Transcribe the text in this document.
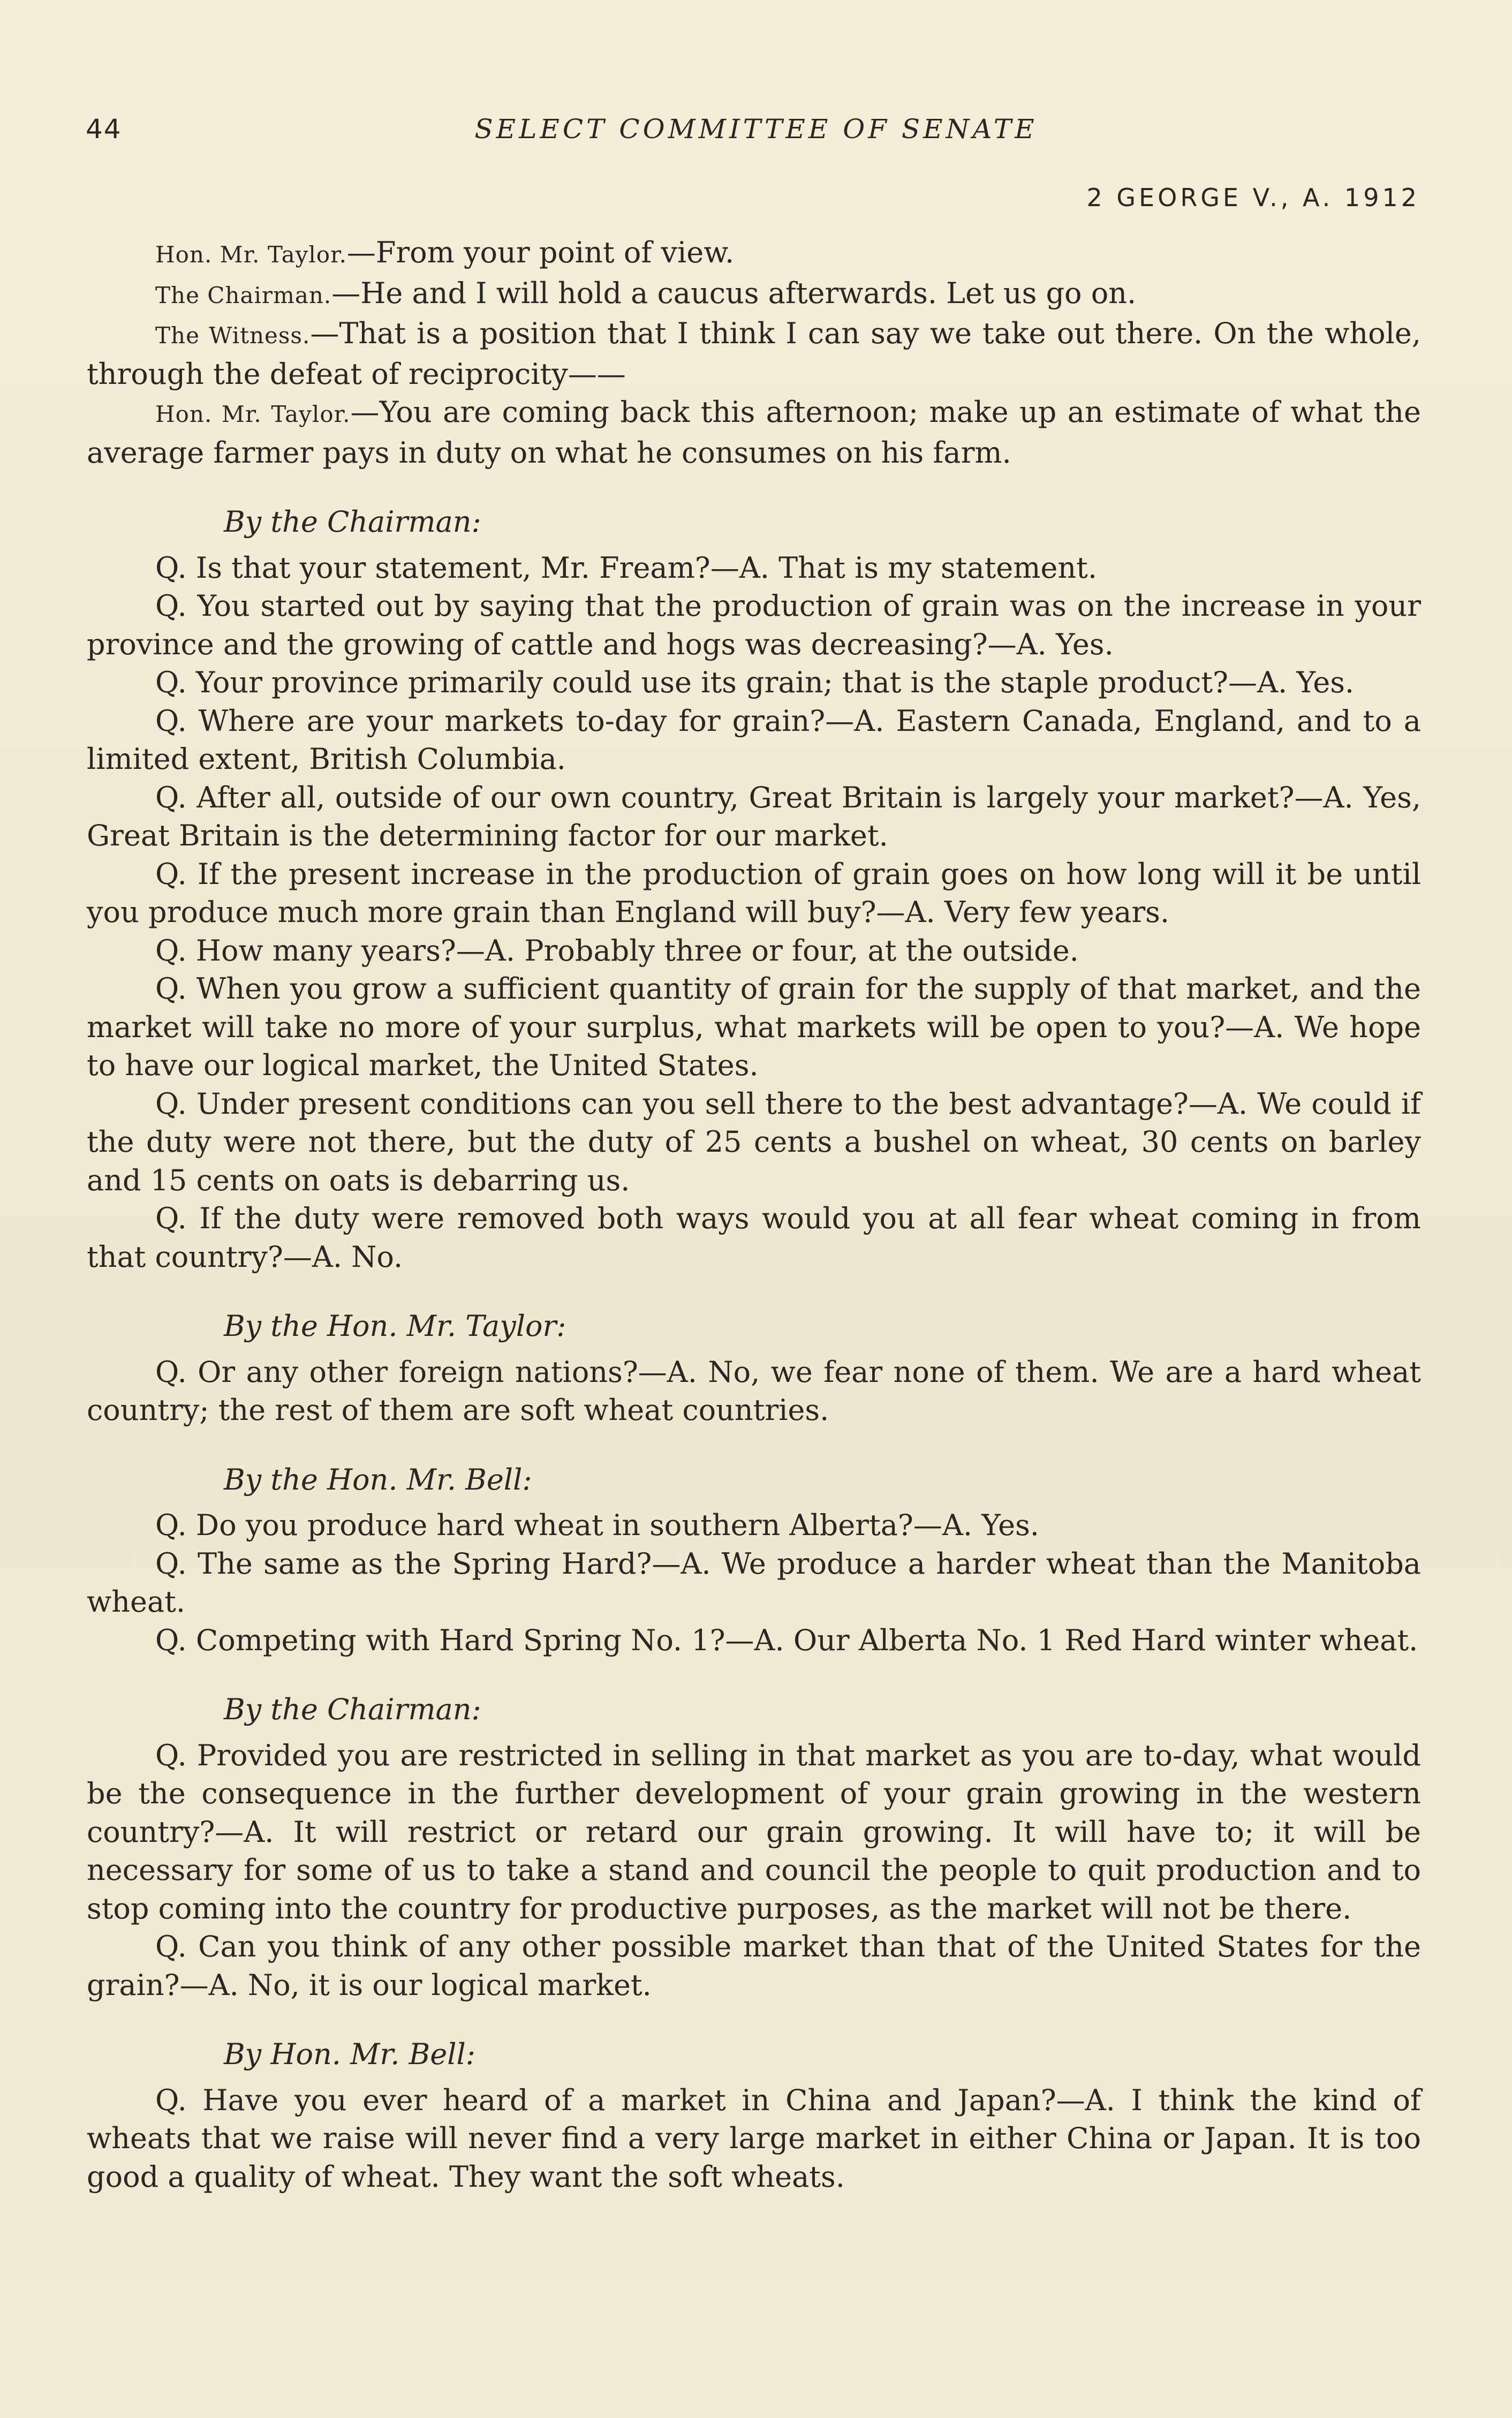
44	SELECT COMMITTEE OF SENATE
2 GEORGE V., A. 1912

Hon. Mr. Taylor.—From your point of view.

The Chairman.—He and I will hold a caucus afterwards. Let us go on.

The Witness.—That is a position that I think I can say we take out there. On the whole, through the defeat of reciprocity——

Hon. Mr. Taylor.—You are coming back this afternoon; make up an estimate of what the average farmer pays in duty on what he consumes on his farm.

By the Chairman:

Q. Is that your statement, Mr. Fream?—A. That is my statement.

Q. You started out by saying that the production of grain was on the increase in your province and the growing of cattle and hogs was decreasing?—A. Yes.

Q. Your province primarily could use its grain; that is the staple product?—A. Yes.

Q. Where are your markets to-day for grain?—A. Eastern Canada, England, and to a limited extent, British Columbia.

Q. After all, outside of our own country, Great Britain is largely your market?—A. Yes, Great Britain is the determining factor for our market.

Q. If the present increase in the production of grain goes on how long will it be until you produce much more grain than England will buy?—A. Very few years.

Q. How many years?—A. Probably three or four, at the outside.

Q. When you grow a sufficient quantity of grain for the supply of that market, and the market will take no more of your surplus, what markets will be open to you?—A. We hope to have our logical market, the United States.

Q. Under present conditions can you sell there to the best advantage?—A. We could if the duty were not there, but the duty of 25 cents a bushel on wheat, 30 cents on barley and 15 cents on oats is debarring us.

Q. If the duty were removed both ways would you at all fear wheat coming in from that country?—A. No.

By the Hon. Mr. Taylor:

Q. Or any other foreign nations?—A. No, we fear none of them. We are a hard wheat country; the rest of them are soft wheat countries.

By the Hon. Mr. Bell:

Q. Do you produce hard wheat in southern Alberta?—A. Yes.

Q. The same as the Spring Hard?—A. We produce a harder wheat than the Manitoba wheat.

Q. Competing with Hard Spring No. 1?—A. Our Alberta No. 1 Red Hard winter wheat.

By the Chairman:

Q. Provided you are restricted in selling in that market as you are to-day, what would be the consequence in the further development of your grain growing in the western country?—A. It will restrict or retard our grain growing. It will have to; it will be necessary for some of us to take a stand and council the people to quit production and to stop coming into the country for productive purposes, as the market will not be there.

Q. Can you think of any other possible market than that of the United States for the grain?—A. No, it is our logical market.

By Hon. Mr. Bell:

Q. Have you ever heard of a market in China and Japan?—A. I think the kind of wheats that we raise will never find a very large market in either China or Japan. It is too good a quality of wheat. They want the soft wheats.
